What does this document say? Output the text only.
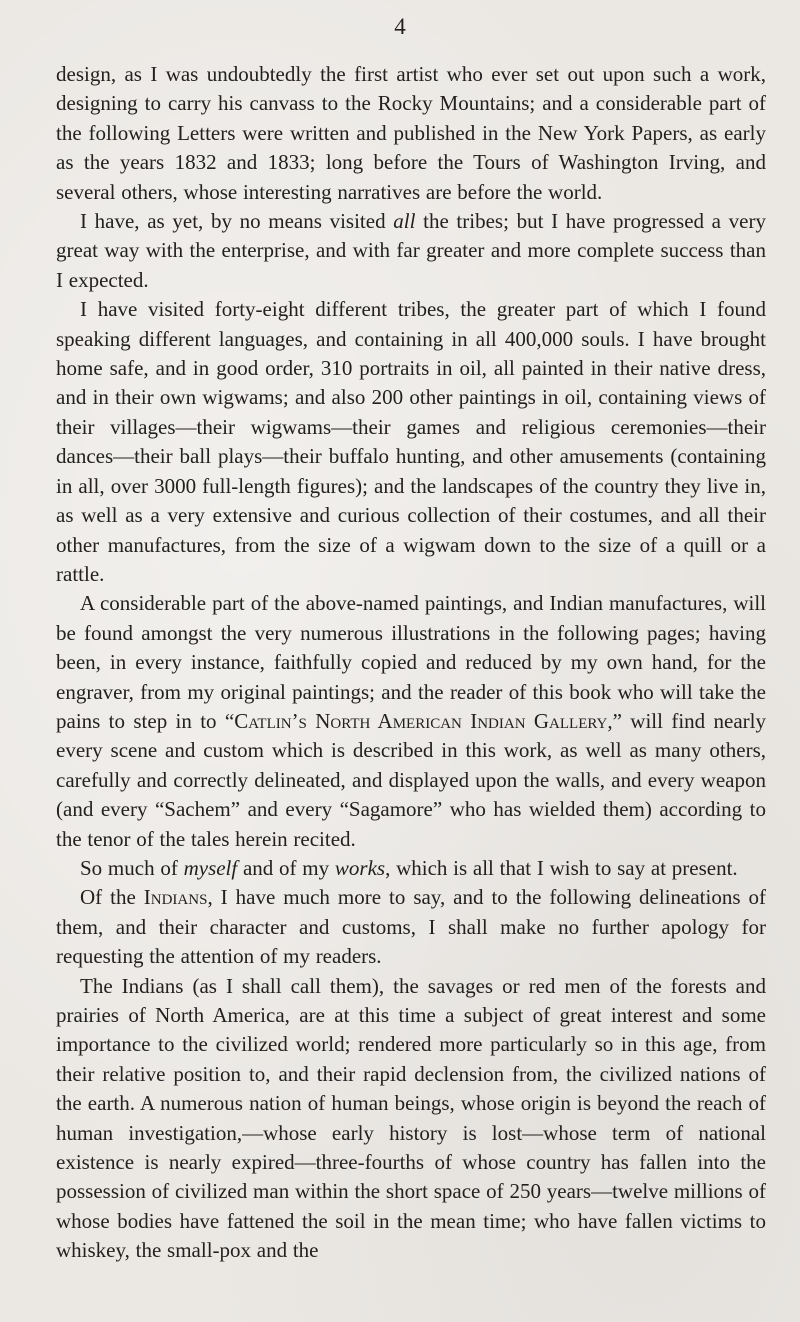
4

design, as I was undoubtedly the first artist who ever set out upon such a work, designing to carry his canvass to the Rocky Mountains; and a considerable part of the following Letters were written and published in the New York Papers, as early as the years 1832 and 1833; long before the Tours of Washington Irving, and several others, whose interesting narratives are before the world.

I have, as yet, by no means visited all the tribes; but I have progressed a very great way with the enterprise, and with far greater and more complete success than I expected.

I have visited forty-eight different tribes, the greater part of which I found speaking different languages, and containing in all 400,000 souls. I have brought home safe, and in good order, 310 portraits in oil, all painted in their native dress, and in their own wigwams; and also 200 other paintings in oil, containing views of their villages—their wigwams—their games and religious ceremonies—their dances—their ball plays—their buffalo hunting, and other amusements (containing in all, over 3000 full-length figures); and the landscapes of the country they live in, as well as a very extensive and curious collection of their costumes, and all their other manufactures, from the size of a wigwam down to the size of a quill or a rattle.

A considerable part of the above-named paintings, and Indian manufactures, will be found amongst the very numerous illustrations in the following pages; having been, in every instance, faithfully copied and reduced by my own hand, for the engraver, from my original paintings; and the reader of this book who will take the pains to step in to “Catlin’s North American Indian Gallery,” will find nearly every scene and custom which is described in this work, as well as many others, carefully and correctly delineated, and displayed upon the walls, and every weapon (and every “Sachem” and every “Sagamore” who has wielded them) according to the tenor of the tales herein recited.

So much of myself and of my works, which is all that I wish to say at present.

Of the Indians, I have much more to say, and to the following delineations of them, and their character and customs, I shall make no further apology for requesting the attention of my readers.

The Indians (as I shall call them), the savages or red men of the forests and prairies of North America, are at this time a subject of great interest and some importance to the civilized world; rendered more particularly so in this age, from their relative position to, and their rapid declension from, the civilized nations of the earth. A numerous nation of human beings, whose origin is beyond the reach of human investigation,—whose early history is lost—whose term of national existence is nearly expired—three-fourths of whose country has fallen into the possession of civilized man within the short space of 250 years—twelve millions of whose bodies have fattened the soil in the mean time; who have fallen victims to whiskey, the small-pox and the
